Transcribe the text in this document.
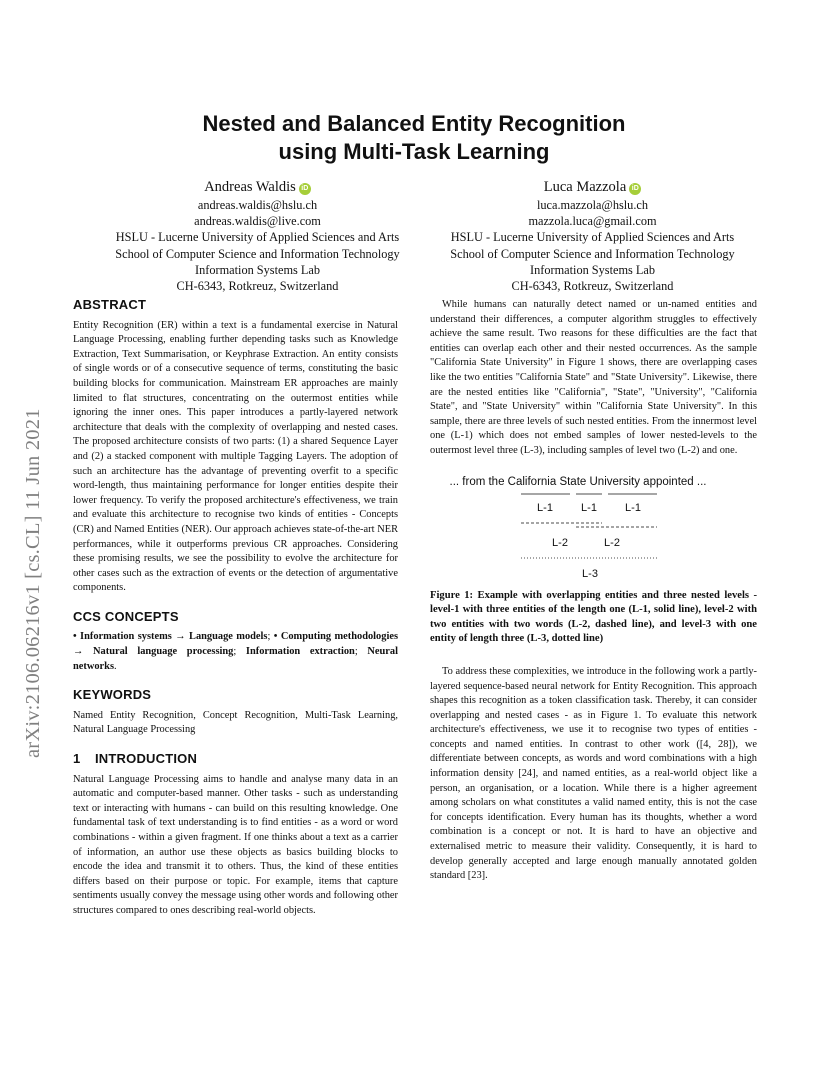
arXiv:2106.06216v1 [cs.CL] 11 Jun 2021
Nested and Balanced Entity Recognition
using Multi-Task Learning
Andreas Waldis iD
andreas.waldis@hslu.ch
andreas.waldis@live.com
HSLU - Lucerne University of Applied Sciences and Arts
School of Computer Science and Information Technology
Information Systems Lab
CH-6343, Rotkreuz, Switzerland
Luca Mazzola iD
luca.mazzola@hslu.ch
mazzola.luca@gmail.com
HSLU - Lucerne University of Applied Sciences and Arts
School of Computer Science and Information Technology
Information Systems Lab
CH-6343, Rotkreuz, Switzerland
ABSTRACT

Entity Recognition (ER) within a text is a fundamental exercise in Natural Language Processing, enabling further depending tasks such as Knowledge Extraction, Text Summarisation, or Keyphrase Extraction. An entity consists of single words or of a consecutive sequence of terms, constituting the basic building blocks for communication. Mainstream ER approaches are mainly limited to flat structures, concentrating on the outermost entities while ignoring the inner ones. This paper introduces a partly-layered network architecture that deals with the complexity of overlapping and nested cases. The proposed architecture consists of two parts: (1) a shared Sequence Layer and (2) a stacked component with multiple Tagging Layers. The adoption of such an architecture has the advantage of preventing overfit to a specific word-length, thus maintaining performance for longer entities despite their lower frequency. To verify the proposed architecture's effectiveness, we train and evaluate this architecture to recognise two kinds of entities - Concepts (CR) and Named Entities (NER). Our approach achieves state-of-the-art NER performances, while it outperforms previous CR approaches. Considering these promising results, we see the possibility to evolve the architecture for other cases such as the extraction of events or the detection of argumentative components.

CCS CONCEPTS

• Information systems → Language models; • Computing methodologies → Natural language processing; Information extraction; Neural networks.

KEYWORDS

Named Entity Recognition, Concept Recognition, Multi-Task Learning, Natural Language Processing

1 INTRODUCTION

Natural Language Processing aims to handle and analyse many data in an automatic and computer-based manner. Other tasks - such as understanding text or interacting with humans - can build on this resulting knowledge. One fundamental task of text understanding is to find entities - as a word or word combinations - within a given fragment. If one thinks about a text as a carrier of information, an author use these objects as basics building blocks to encode the idea and transmit it to others. Thus, the kind of these entities differs based on their purpose or topic. For example, items that capture sentiments usually convey the message using other words and following other structures compared to ones describing real-world objects.

While humans can naturally detect named or un-named entities and understand their differences, a computer algorithm struggles to effectively achieve the same result. Two reasons for these difficulties are the fact that entities can overlap each other and their nested occurrences. As the sample "California State University" in Figure 1 shows, there are overlapping cases like the two entities "California State" and "State University". Likewise, there are the nested entities like "California", "State", "University", "California State", and "State University" within "California State University". In this sample, there are three levels of such nested entities. From the innermost level one (L-1) which does not embed samples of lower nested-levels to the outermost level three (L-3), including samples of level two (L-2) and one.

... from the California State University appointed ...
L-1	L-1	L-1
L-2	L-2
L-3

Figure 1: Example with overlapping entities and three nested levels - level-1 with three entities of the length one (L-1, solid line), level-2 with two entities with two words (L-2, dashed line), and level-3 with one entity of length three (L-3, dotted line)

To address these complexities, we introduce in the following work a partly-layered sequence-based neural network for Entity Recognition. This approach shapes this recognition as a token classification task. Thereby, it can consider overlapping and nested cases - as in Figure 1. To evaluate this network architecture's effectiveness, we use it to recognise two types of entities - concepts and named entities. In contrast to other work ([4, 28]), we differentiate between concepts, as words and word combinations with a high information density [24], and named entities, as a real-world object like a person, an organisation, or a location. While there is a higher agreement among scholars on what constitutes a valid named entity, this is not the case for concepts identification. Every human has its thoughts, whether a word combination is a concept or not. It is hard to have an objective and externalised metric to measure their validity. Consequently, it is hard to develop generally accepted and large enough manually annotated golden standard [23].
